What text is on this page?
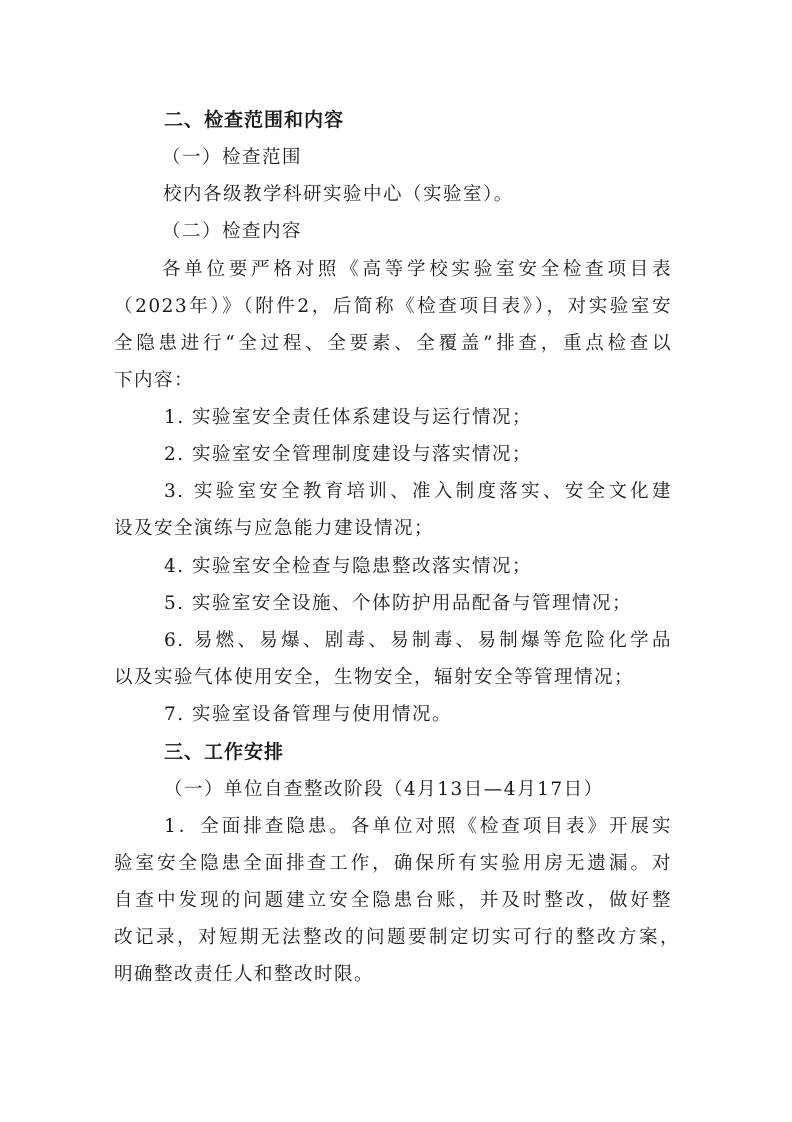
二、检查范围和内容
（一）检查范围
校内各级教学科研实验中心（实验室）。
（二）检查内容
各单位要严格对照《高等学校实验室安全检查项目表
（2023年）》（附件2，后简称《检查项目表》），对实验室安
全隐患进行“全过程、全要素、全覆盖”排查，重点检查以
下内容：
1. 实验室安全责任体系建设与运行情况；
2. 实验室安全管理制度建设与落实情况；
3. 实验室安全教育培训、准入制度落实、安全文化建
设及安全演练与应急能力建设情况；
4. 实验室安全检查与隐患整改落实情况；
5. 实验室安全设施、个体防护用品配备与管理情况；
6. 易燃、易爆、剧毒、易制毒、易制爆等危险化学品
以及实验气体使用安全，生物安全，辐射安全等管理情况；
7. 实验室设备管理与使用情况。
三、工作安排
（一）单位自查整改阶段（4月13日—4月17日）
1．全面排查隐患。各单位对照《检查项目表》开展实
验室安全隐患全面排查工作，确保所有实验用房无遗漏。对
自查中发现的问题建立安全隐患台账，并及时整改，做好整
改记录，对短期无法整改的问题要制定切实可行的整改方案，
明确整改责任人和整改时限。
